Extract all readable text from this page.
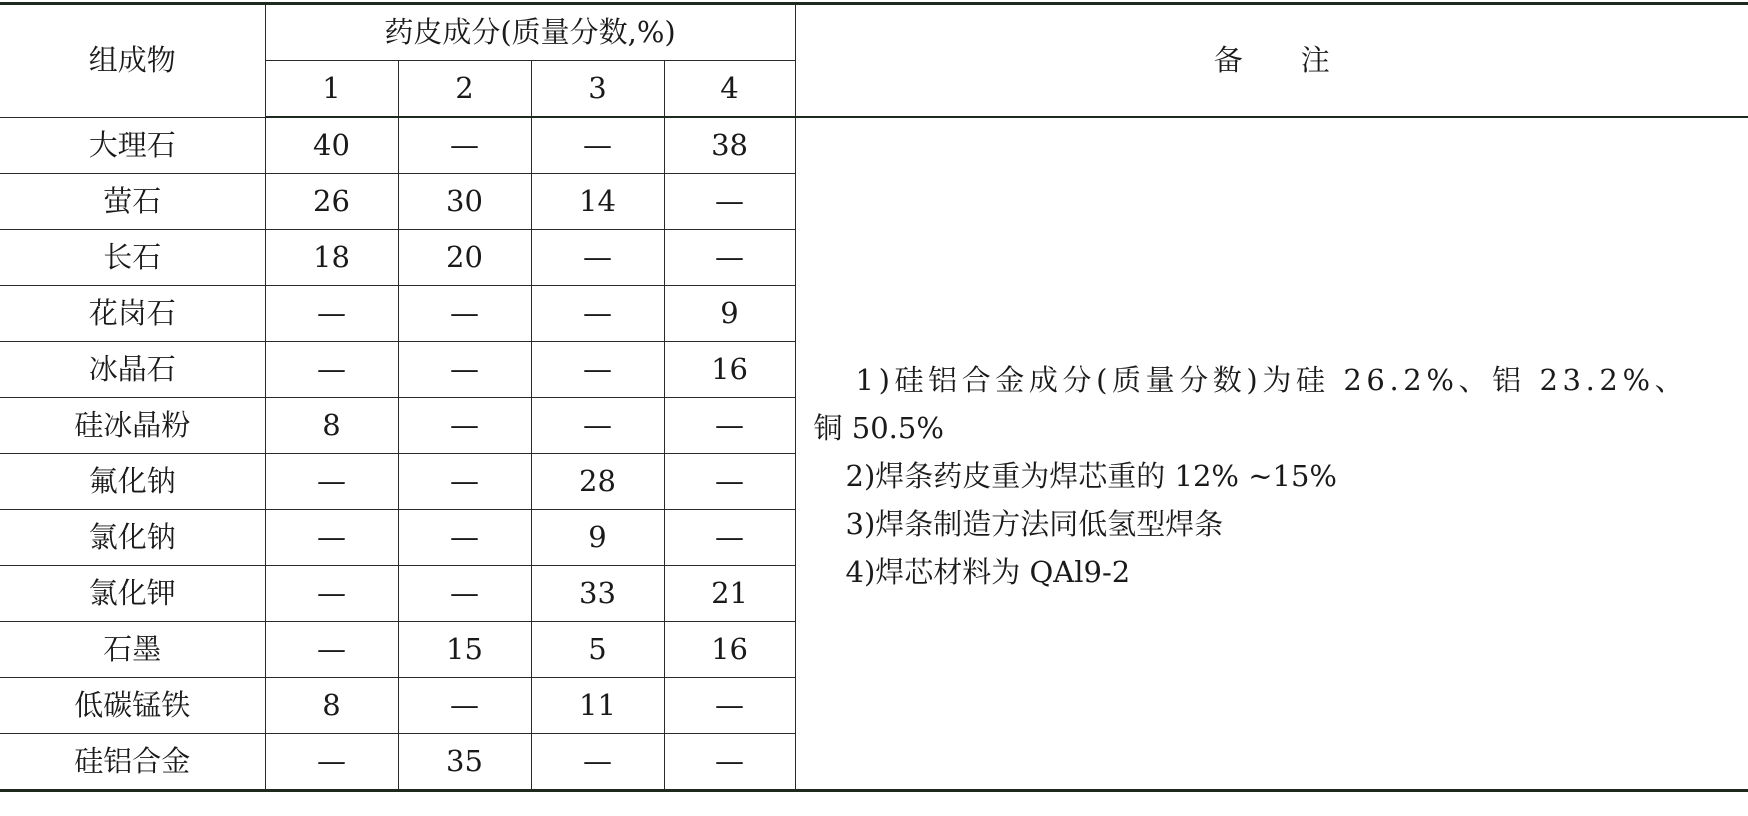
组成物	药皮成分(质量分数,%)				备　　注
	1	2	3	4	
大理石	40	—	—	38	1)硅铝合金成分(质量分数)为硅 26.2%、铝 23.2%、
铜 50.5%
2)焊条药皮重为焊芯重的 12% ~15%
3)焊条制造方法同低氢型焊条
4)焊芯材料为 QAl9-2

萤石	26	30	14	—	
长石	18	20	—	—	
花岗石	—	—	—	9	
冰晶石	—	—	—	16	
硅冰晶粉	8	—	—	—	
氟化钠	—	—	28	—	
氯化钠	—	—	9	—	
氯化钾	—	—	33	21	
石墨	—	15	5	16	
低碳锰铁	8	—	11	—	
硅铝合金	—	35	—	—	
